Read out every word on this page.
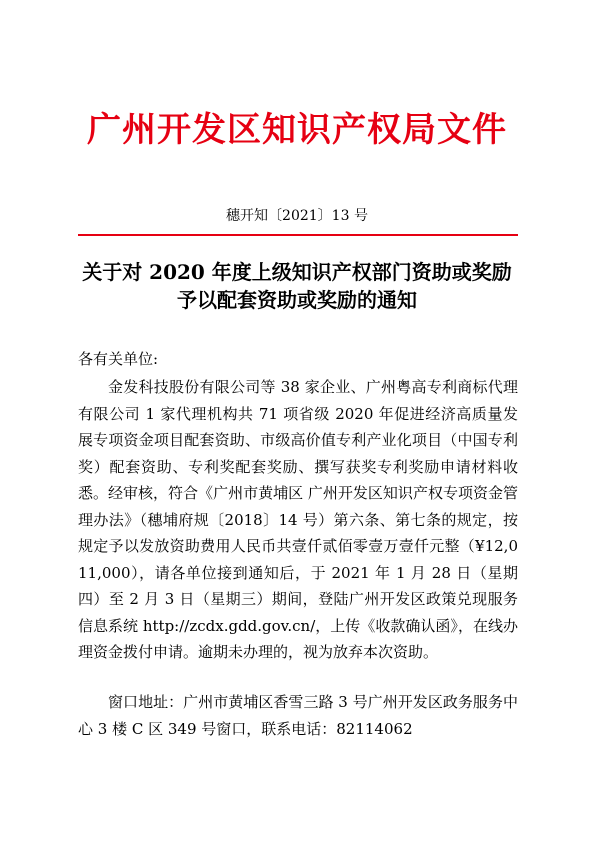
广州开发区知识产权局文件
穗开知〔2021〕13 号
关于对 2020 年度上级知识产权部门资助或奖励
予以配套资助或奖励的通知
各有关单位:

金发科技股份有限公司等 38 家企业、广州粤高专利商标代理有限公司 1 家代理机构共 71 项省级 2020 年促进经济高质量发展专项资金项目配套资助、市级高价值专利产业化项目（中国专利奖）配套资助、专利奖配套奖励、撰写获奖专利奖励申请材料收悉。经审核，符合《广州市黄埔区 广州开发区知识产权专项资金管理办法》（穗埔府规〔2018〕14 号）第六条、第七条的规定，按规定予以发放资助费用人民币共壹仟贰佰零壹万壹仟元整（¥12,011,000），请各单位接到通知后，于 2021 年 1 月 28 日（星期四）至 2 月 3 日（星期三）期间，登陆广州开发区政策兑现服务信息系统 http://zcdx.gdd.gov.cn/，上传《收款确认函》，在线办理资金拨付申请。逾期未办理的，视为放弃本次资助。

窗口地址：广州市黄埔区香雪三路 3 号广州开发区政务服务中心 3 楼 C 区 349 号窗口，联系电话：82114062
